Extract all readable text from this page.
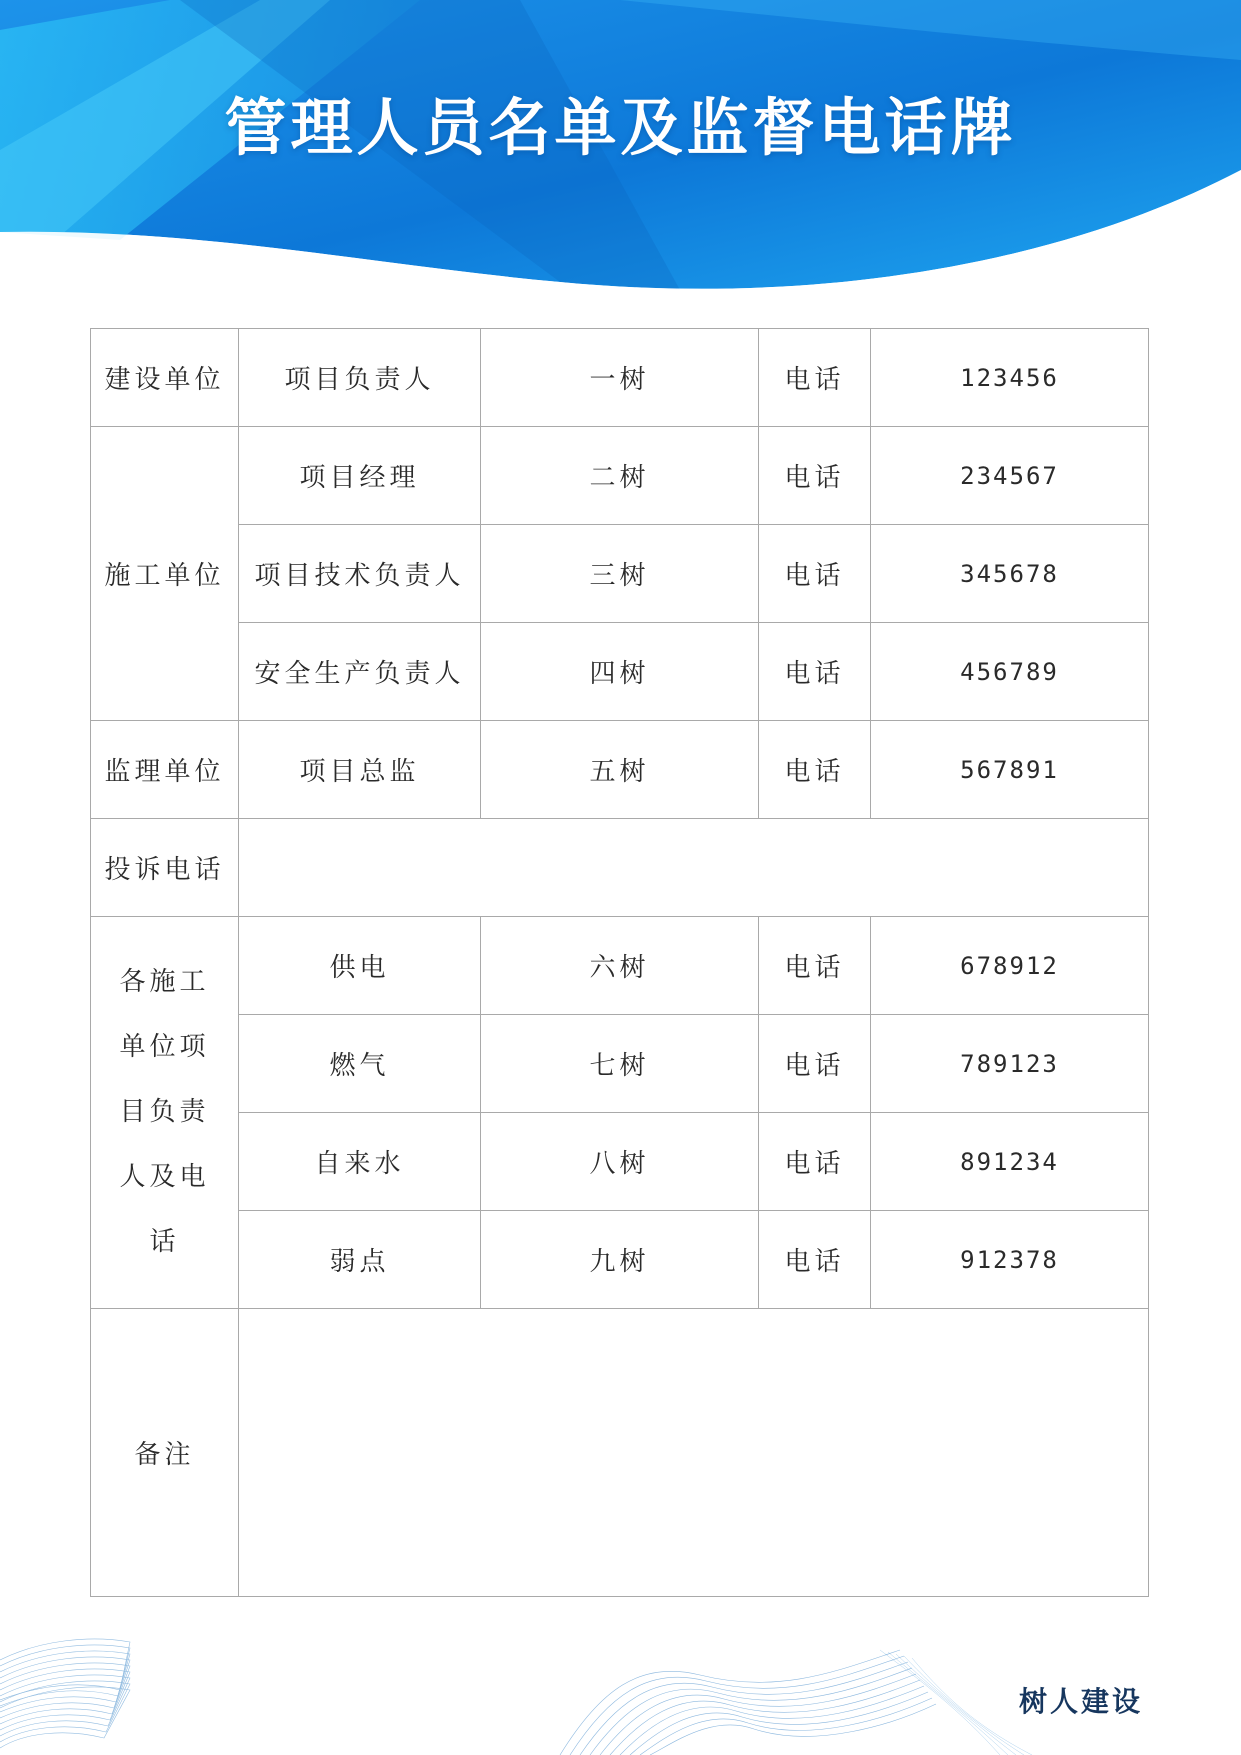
管理人员名单及监督电话牌
建设单位	项目负责人	一树	电话	123456
施工单位	项目经理	二树	电话	234567
	项目技术负责人	三树	电话	345678
	安全生产负责人	四树	电话	456789
监理单位	项目总监	五树	电话	567891
投诉电话				
各施工单位项目负责人及电话	供电	六树	电话	678912
	燃气	七树	电话	789123
	自来水	八树	电话	891234
	弱点	九树	电话	912378
备注				
树人建设
